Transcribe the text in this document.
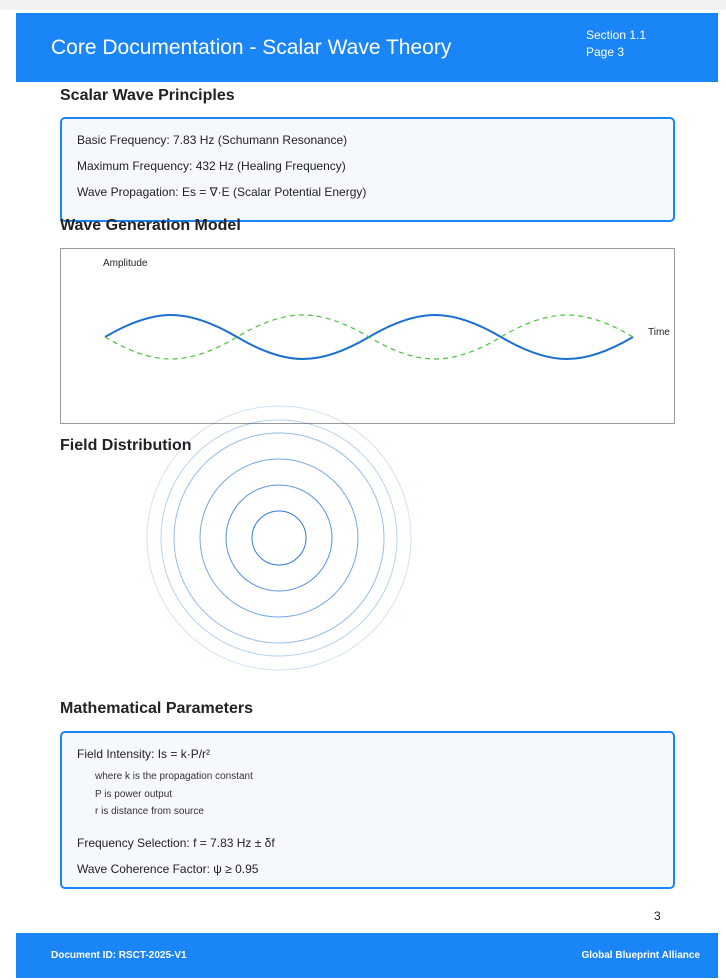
Core Documentation - Scalar Wave Theory
Section 1.1
Page 3
Scalar Wave Principles
Basic Frequency: 7.83 Hz (Schumann Resonance)
Maximum Frequency: 432 Hz (Healing Frequency)
Wave Propagation: Es = ∇·E (Scalar Potential Energy)
Wave Generation Model
Amplitude
Time
Field Distribution
Mathematical Parameters
Field Intensity: Is = k·P/r²
where k is the propagation constant
P is power output
r is distance from source
Frequency Selection: f = 7.83 Hz ± δf
Wave Coherence Factor: ψ ≥ 0.95
3
Document ID: RSCT-2025-V1	Global Blueprint Alliance
